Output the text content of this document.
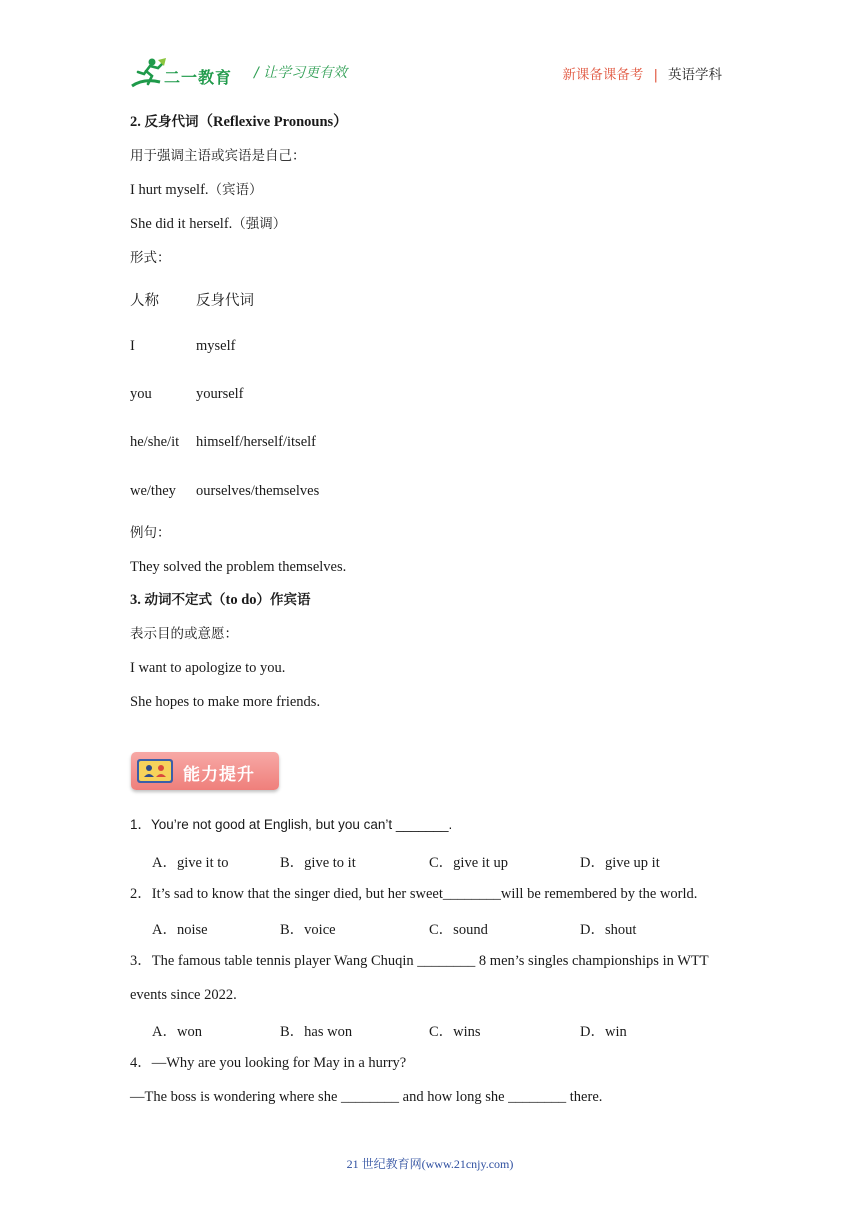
二一教育 / 让学习更有效	新课备课备考 | 英语学科
2. 反身代词（Reflexive Pronouns）
用于强调主语或宾语是自己：
I hurt myself.（宾语）
She did it herself.（强调）
形式：
人称	反身代词
I	myself
you	yourself
he/she/it himself/herself/itself
we/they ourselves/themselves
例句：
They solved the problem themselves.
3. 动词不定式（to do）作宾语
表示目的或意愿：
I want to apologize to you.
She hopes to make more friends.
能力提升
1．You’re not good at English, but you can’t _______.
A．give it to	B．give to it	C．give it up	D．give up it
2．It’s sad to know that the singer died, but her sweet________will be remembered by the world.
A．noise	B．voice	C．sound	D．shout
3．The famous table tennis player Wang Chuqin ________ 8 men’s singles championships in WTT
events since 2022.
A．won	B．has won	C．wins	D．win
4．—Why are you looking for May in a hurry?
—The boss is wondering where she ________ and how long she ________ there.
21 世纪教育网(www.21cnjy.com)
